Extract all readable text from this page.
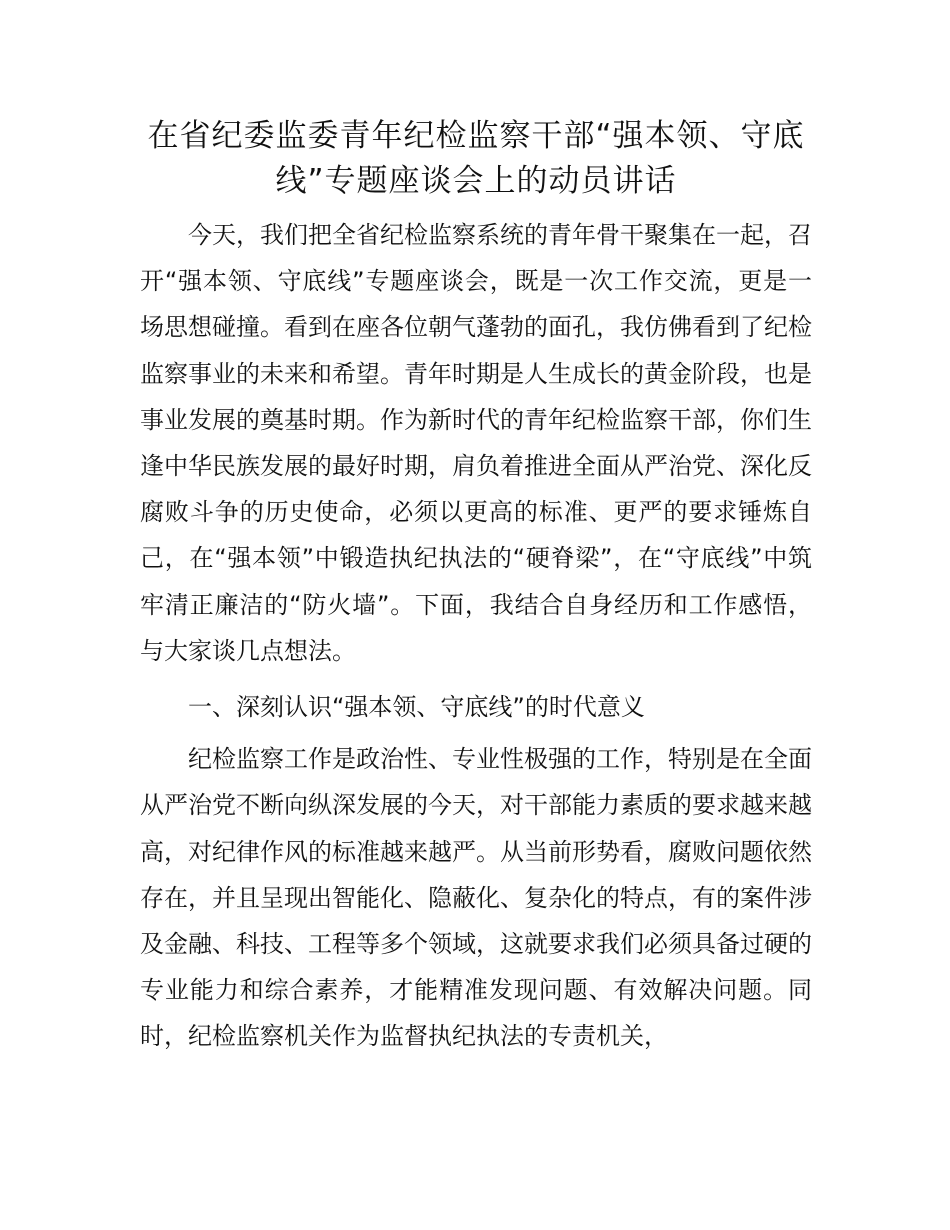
在省纪委监委青年纪检监察干部“强本领、守底线”专题座谈会上的动员讲话

今天，我们把全省纪检监察系统的青年骨干聚集在一起，召开“强本领、守底线”专题座谈会，既是一次工作交流，更是一场思想碰撞。看到在座各位朝气蓬勃的面孔，我仿佛看到了纪检监察事业的未来和希望。青年时期是人生成长的黄金阶段，也是事业发展的奠基时期。作为新时代的青年纪检监察干部，你们生逢中华民族发展的最好时期，肩负着推进全面从严治党、深化反腐败斗争的历史使命，必须以更高的标准、更严的要求锤炼自己，在“强本领”中锻造执纪执法的“硬脊梁”，在“守底线”中筑牢清正廉洁的“防火墙”。下面，我结合自身经历和工作感悟，与大家谈几点想法。

一、深刻认识“强本领、守底线”的时代意义

纪检监察工作是政治性、专业性极强的工作，特别是在全面从严治党不断向纵深发展的今天，对干部能力素质的要求越来越高，对纪律作风的标准越来越严。从当前形势看，腐败问题依然存在，并且呈现出智能化、隐蔽化、复杂化的特点，有的案件涉及金融、科技、工程等多个领域，这就要求我们必须具备过硬的专业能力和综合素养，才能精准发现问题、有效解决问题。同时，纪检监察机关作为监督执纪执法的专责机关，
